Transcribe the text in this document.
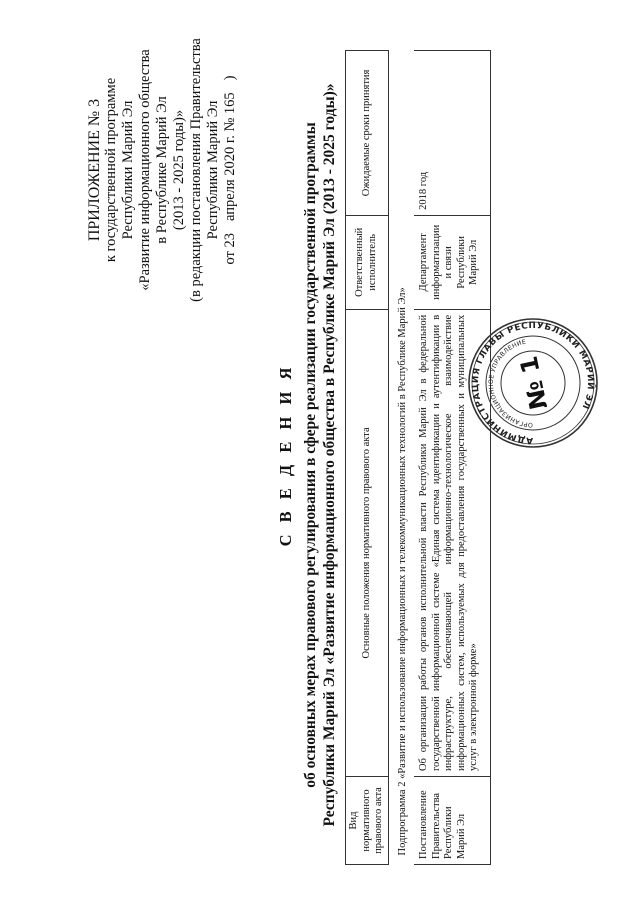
ПРИЛОЖЕНИЕ № 3 к государственной программе Республики Марий Эл «Развитие информационного общества в Республике Марий Эл (2013 - 2025 годы)» (в редакции постановления Правительства Республики Марий Эл
от 23
апреля 2020 г. № 165
)
С В Е Д Е Н И Я об основных мерах правового регулирования в сфере реализации государственной программы Республики Марий Эл «Развитие информационного общества в Республике Марий Эл (2013 - 2025 годы)» Вид нормативного правового акта	Основные положения нормативного правового акта	Ответственный исполнитель	Ожидаемые сроки принятия
Подпрограмма 2 «Развитие и использование информационных и телекоммуникационных технологий в Республике Марий Эл»			
Постановление Правительства Республики Марий Эл	Об организации работы органов исполнительной власти Республики Марий Эл в федеральной государственной информационной системе «Единая система идентификации и аутентификации в инфраструктуре, обеспечивающей информационно-технологическое взаимодействие информационных систем, используемых для предоставления государственных и муниципальных услуг в электронной форме»	Департамент информатизации и связи Республики Марий Эл	2018 год
АДМИНИСТРАЦИЯ ГЛАВЫ РЕСПУБЛИКИ МАРИЙ ЭЛ
ОРГАНИЗАЦИОННОЕ УПРАВЛЕНИЕ
№ 1
